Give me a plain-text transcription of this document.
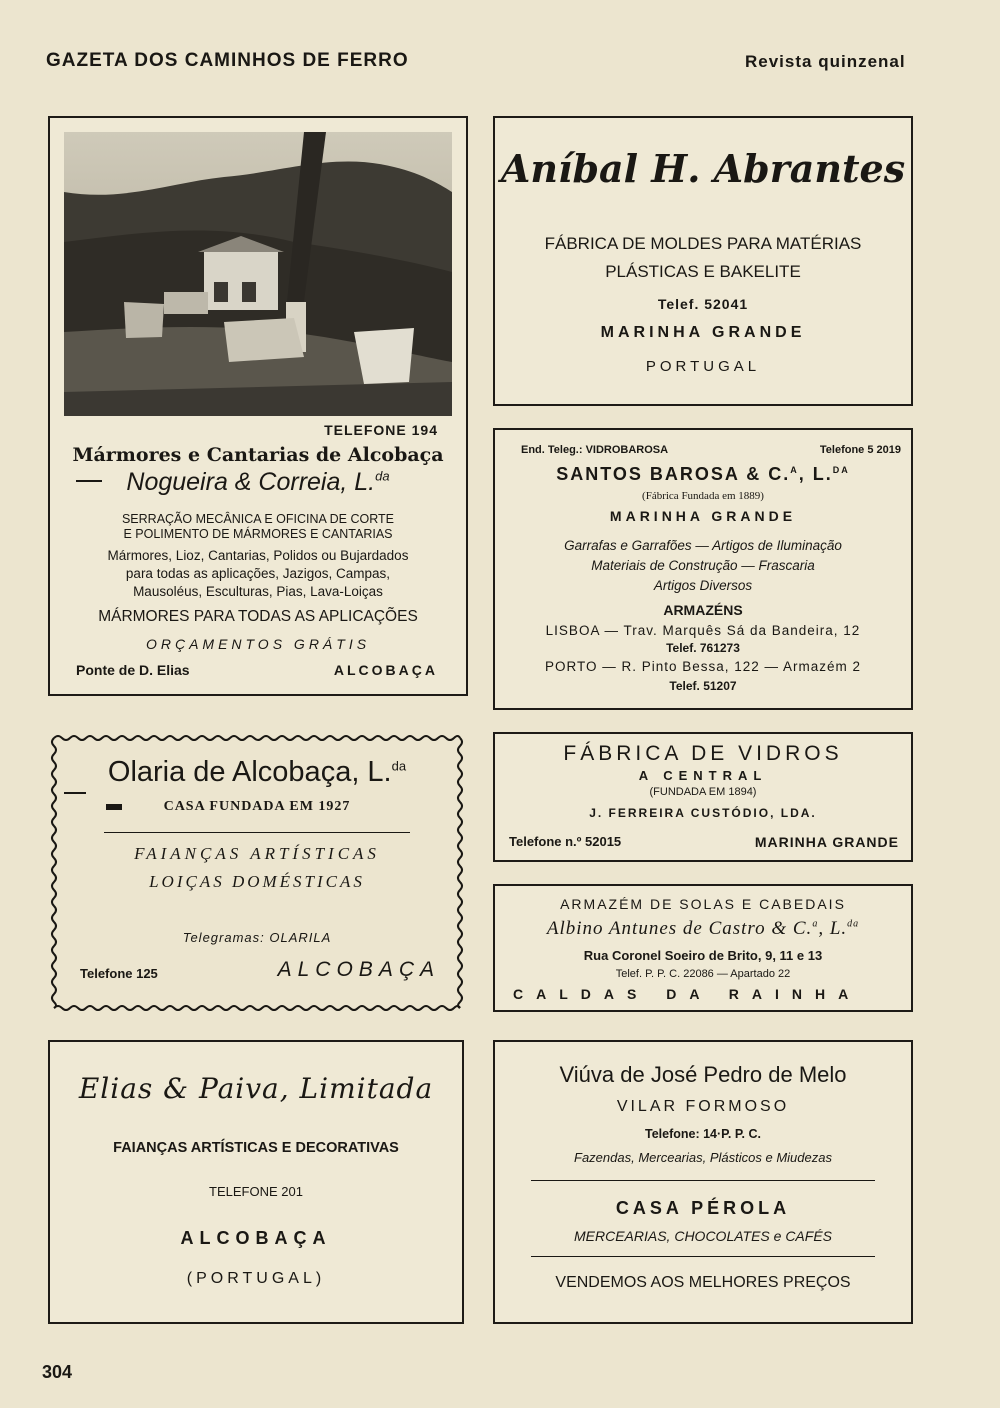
GAZETA DOS CAMINHOS DE FERRO	Revista quinzenal
TELEFONE 194
Mármores e Cantarias de Alcobaça
Nogueira & Correia, L.$^{da}$
SERRAÇÃO MECÂNICA E OFICINA DE CORTE
E POLIMENTO DE MÁRMORES E CANTARIAS
Mármores, Lioz, Cantarias, Polidos ou Bujardados
para todas as aplicações, Jazigos, Campas,
Mausoléus, Esculturas, Pias, Lava-Loiças
MÁRMORES PARA TODAS AS APLICAÇÕES
ORÇAMENTOS GRÁTIS
Ponte de D. Elias	ALCOBAÇA
Aníbal H. Abrantes
FÁBRICA DE MOLDES PARA MATÉRIAS
PLÁSTICAS E BAKELITE
Telef. 52041
MARINHA GRANDE
PORTUGAL
End. Teleg.: VIDROBAROSA	Telefone 5 2019
SANTOS BAROSA & C.$^A$, L.$^{DA}$
(Fábrica Fundada em 1889)
MARINHA GRANDE
Garrafas e Garrafões — Artigos de Iluminação
Materiais de Construção — Frascaria
Artigos Diversos
ARMAZÉNS
LISBOA — Trav. Marquês Sá da Bandeira, 12
Telef. 761273
PORTO — R. Pinto Bessa, 122 — Armazém 2
Telef. 51207
Olaria de Alcobaça, L.$^{da}$
CASA FUNDADA EM 1927
FAIANÇAS ARTÍSTICAS
LOIÇAS DOMÉSTICAS
Telegramas: OLARILA
Telefone 125	ALCOBAÇA
FÁBRICA DE VIDROS
A CENTRAL
(FUNDADA EM 1894)
J. FERREIRA CUSTÓDIO, LDA.
Telefone n.º 52015	MARINHA GRANDE
ARMAZÉM DE SOLAS E CABEDAIS
Albino Antunes de Castro & C.$^a$, L.$^{da}$
Rua Coronel Soeiro de Brito, 9, 11 e 13
Telef. P. P. C. 22086 — Apartado 22
CALDAS DA RAINHA
Elias & Paiva, Limitada
FAIANÇAS ARTÍSTICAS E DECORATIVAS
TELEFONE 201
ALCOBAÇA
(PORTUGAL)
Viúva de José Pedro de Melo
VILAR FORMOSO
Telefone: 14·P. P. C.
Fazendas, Mercearias, Plásticos e Miudezas
CASA PÉROLA
MERCEARIAS, CHOCOLATES e CAFÉS
VENDEMOS AOS MELHORES PREÇOS
304
